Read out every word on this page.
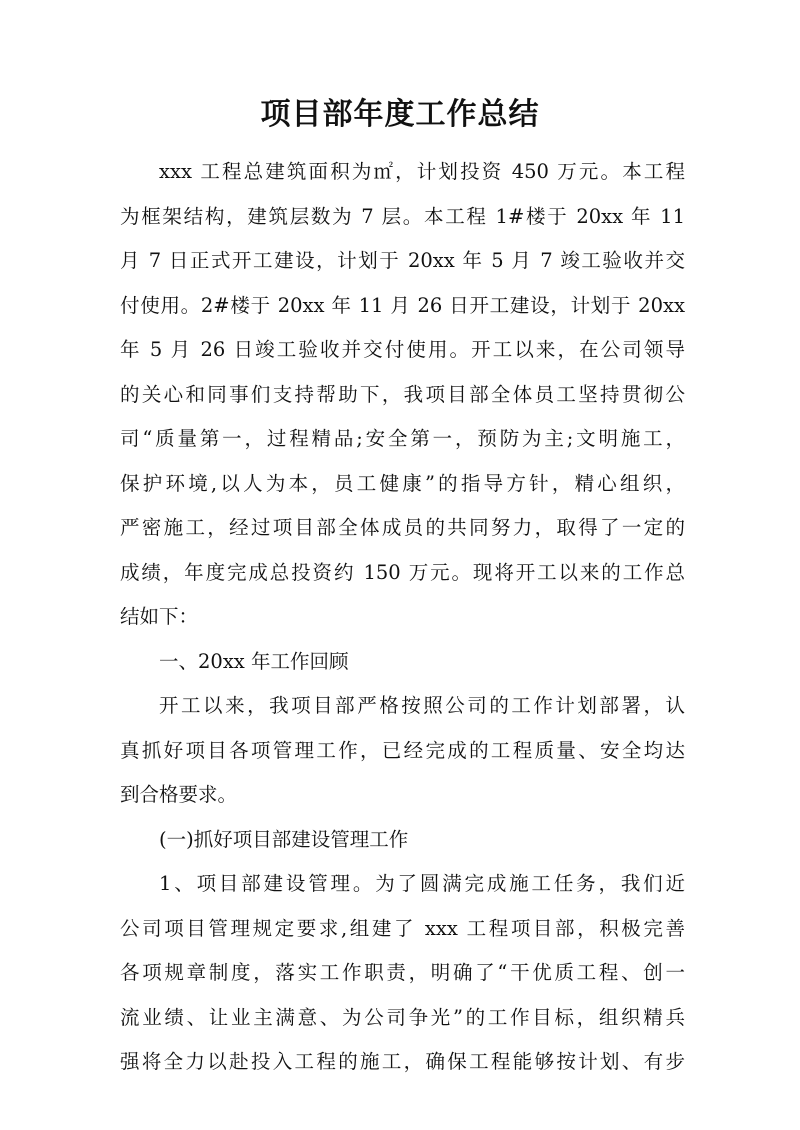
项目部年度工作总结
xxx 工程总建筑面积为㎡，计划投资 450 万元。本工程
为框架结构，建筑层数为 7 层。本工程 1#楼于 20xx 年 11
月 7 日正式开工建设，计划于 20xx 年 5 月 7 竣工验收并交
付使用。2#楼于 20xx 年 11 月 26 日开工建设，计划于 20xx
年 5 月 26 日竣工验收并交付使用。开工以来，在公司领导
的关心和同事们支持帮助下，我项目部全体员工坚持贯彻公
司“质量第一，过程精品;安全第一，预防为主;文明施工，
保护环境,以人为本，员工健康”的指导方针，精心组织，
严密施工，经过项目部全体成员的共同努力，取得了一定的
成绩，年度完成总投资约 150 万元。现将开工以来的工作总
结如下：

一、20xx 年工作回顾

开工以来，我项目部严格按照公司的工作计划部署，认
真抓好项目各项管理工作，已经完成的工程质量、安全均达
到合格要求。

(一)抓好项目部建设管理工作

1、项目部建设管理。为了圆满完成施工任务，我们近
公司项目管理规定要求,组建了 xxx 工程项目部，积极完善
各项规章制度，落实工作职责，明确了“干优质工程、创一
流业绩、让业主满意、为公司争光”的工作目标，组织精兵
强将全力以赴投入工程的施工，确保工程能够按计划、有步
